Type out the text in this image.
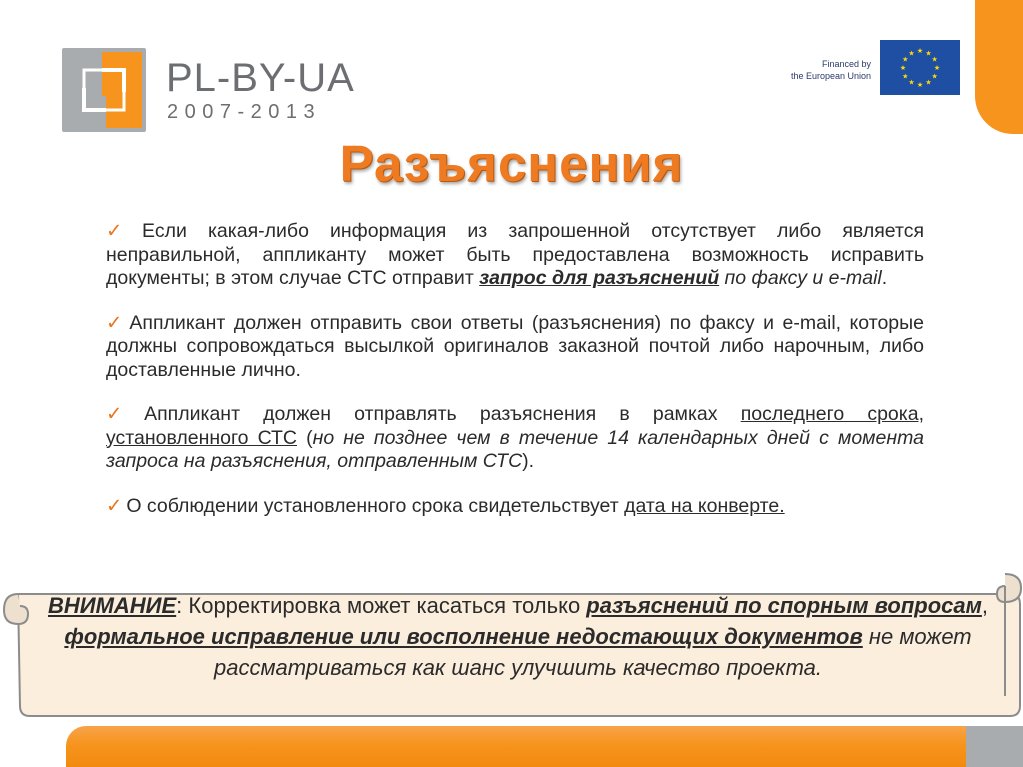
PL-BY-UA
2007-2013
Financed by
the European Union
★ ★
★
★
★
★
★
★
★
★
★
★
Разъяснения

✓ Если какая-либо информация из запрошенной отсутствует либо является неправильной, аппликанту может быть предоставлена возможность исправить документы; в этом случае СТС отправит запрос для разъяснений по факсу и e-mail.

✓ Аппликант должен отправить свои ответы (разъяснения) по факсу и e-mail, которые должны сопровождаться высылкой оригиналов заказной почтой либо нарочным, либо доставленные лично.

✓ Аппликант должен отправлять разъяснения в рамках последнего срока, установленного СТС (но не позднее чем в течение 14 календарных дней с момента запроса на разъяснения, отправленным СТС).

✓ О соблюдении установленного срока свидетельствует дата на конверте.

ВНИМАНИЕ: Корректировка может касаться только разъяснений по спорным вопросам, формальное исправление или восполнение недостающих документов не может рассматриваться как шанс улучшить качество проекта.
